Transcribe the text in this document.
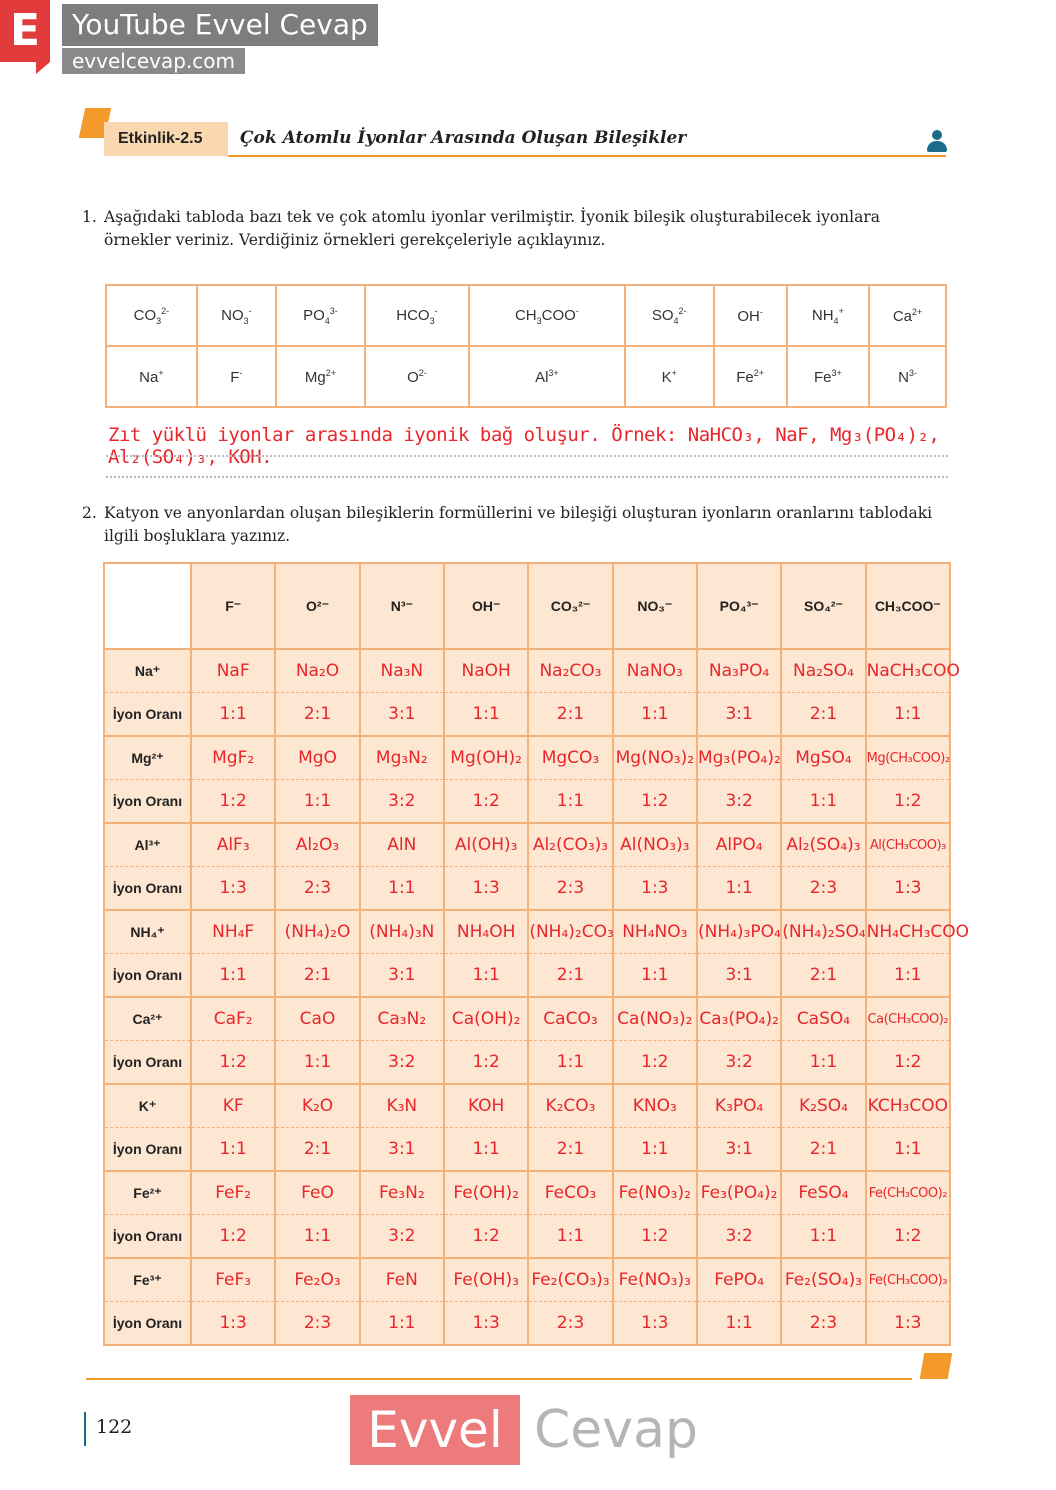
E	YouTube Evvel Cevap
evvelcevap.com
Etkinlik-2.5	Çok Atomlu İyonlar Arasında Oluşan Bileşikler
1. Aşağıdaki tabloda bazı tek ve çok atomlu iyonlar verilmiştir. İyonik bileşik oluşturabilecek iyonlara örnekler veriniz. Verdiğiniz örnekleri gerekçeleriyle açıklayınız.
$CO_3^{2-}$	$NO_3^-$	$PO_4^{3-}$	$HCO_3^-$	$CH_3COO^-$	$SO_4^{2-}$	OH-	$NH_4^+$	$Ca^{2+}$
Na+	F-	$Mg^{2+}$	$O^{2-}$	$Al^{3+}$	K+	$Fe^{2+}$	$Fe^{3+}$	$N^{3-}$
Zıt yüklü iyonlar arasında iyonik bağ oluşur. Örnek: NaHCO₃, NaF, Mg₃(PO₄)₂, Al₂(SO₄)₃, KOH.
2. Katyon ve anyonlardan oluşan bileşiklerin formüllerini ve bileşiği oluşturan iyonların oranlarını tablodaki ilgili boşluklara yazınız.
	F⁻	O²⁻	N³⁻	OH⁻	CO₃²⁻	NO₃⁻	PO₄³⁻	SO₄²⁻	CH₃COO⁻
Na⁺	NaF	Na₂O	Na₃N	NaOH	Na₂CO₃	NaNO₃	Na₃PO₄	Na₂SO₄	NaCH₃COO
İyon Oranı	1:1	2:1	3:1	1:1	2:1	1:1	3:1	2:1	1:1
Mg²⁺	MgF₂	MgO	Mg₃N₂	Mg(OH)₂	MgCO₃	Mg(NO₃)₂	Mg₃(PO₄)₂	MgSO₄	Mg(CH₃COO)₂
İyon Oranı	1:2	1:1	3:2	1:2	1:1	1:2	3:2	1:1	1:2
Al³⁺	AlF₃	Al₂O₃	AlN	Al(OH)₃	Al₂(CO₃)₃	Al(NO₃)₃	AlPO₄	Al₂(SO₄)₃	Al(CH₃COO)₃
İyon Oranı	1:3	2:3	1:1	1:3	2:3	1:3	1:1	2:3	1:3
NH₄⁺	NH₄F	(NH₄)₂O	(NH₄)₃N	NH₄OH	(NH₄)₂CO₃	NH₄NO₃	(NH₄)₃PO₄	(NH₄)₂SO₄	NH₄CH₃COO
İyon Oranı	1:1	2:1	3:1	1:1	2:1	1:1	3:1	2:1	1:1
Ca²⁺	CaF₂	CaO	Ca₃N₂	Ca(OH)₂	CaCO₃	Ca(NO₃)₂	Ca₃(PO₄)₂	CaSO₄	Ca(CH₃COO)₂
İyon Oranı	1:2	1:1	3:2	1:2	1:1	1:2	3:2	1:1	1:2
K⁺	KF	K₂O	K₃N	KOH	K₂CO₃	KNO₃	K₃PO₄	K₂SO₄	KCH₃COO
İyon Oranı	1:1	2:1	3:1	1:1	2:1	1:1	3:1	2:1	1:1
Fe²⁺	FeF₂	FeO	Fe₃N₂	Fe(OH)₂	FeCO₃	Fe(NO₃)₂	Fe₃(PO₄)₂	FeSO₄	Fe(CH₃COO)₂
İyon Oranı	1:2	1:1	3:2	1:2	1:1	1:2	3:2	1:1	1:2
Fe³⁺	FeF₃	Fe₂O₃	FeN	Fe(OH)₃	Fe₂(CO₃)₃	Fe(NO₃)₃	FePO₄	Fe₂(SO₄)₃	Fe(CH₃COO)₃
İyon Oranı	1:3	2:3	1:1	1:3	2:3	1:3	1:1	2:3	1:3
122	Evvel Cevap
